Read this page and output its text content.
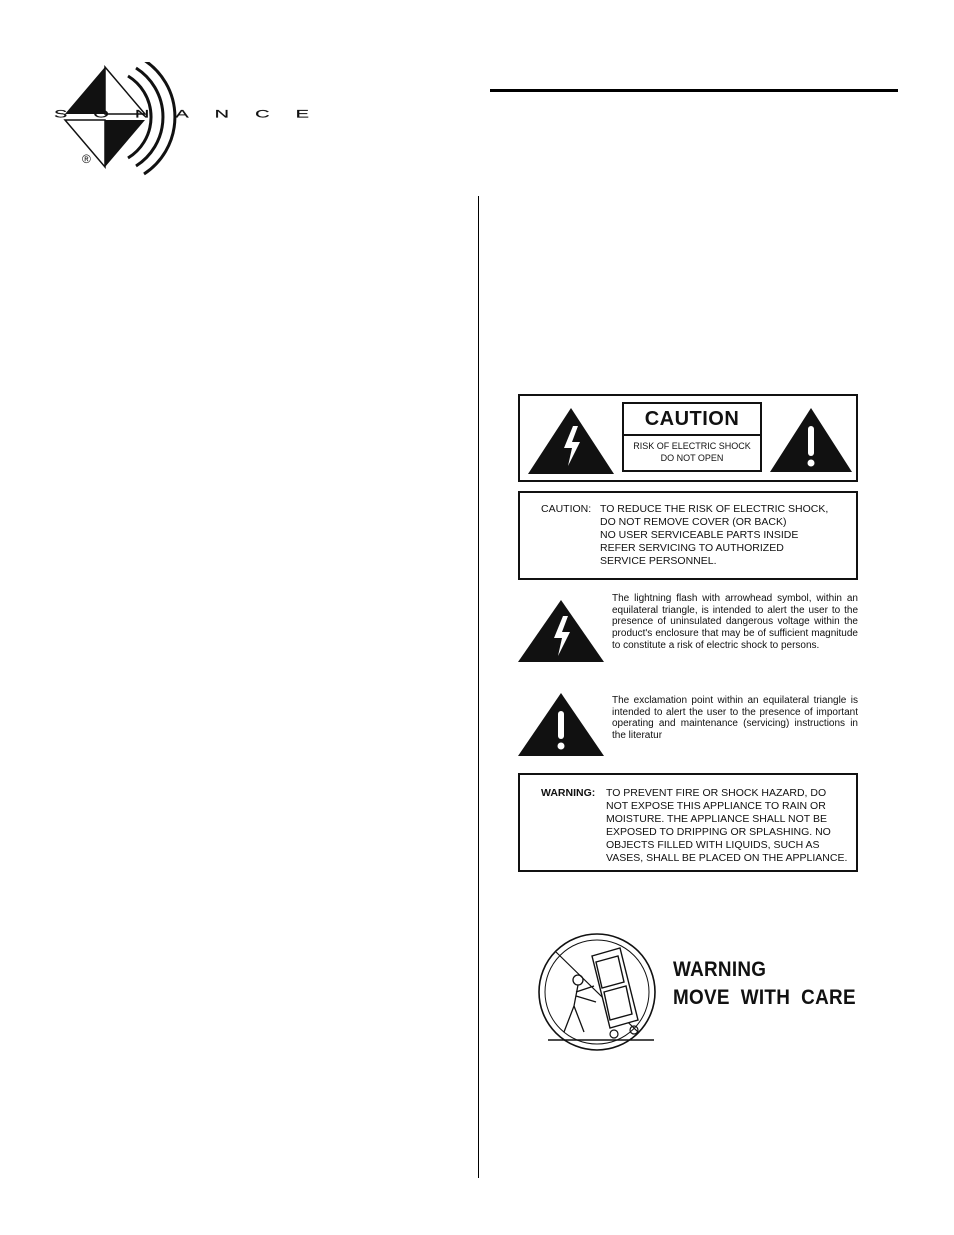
SONANCE
®
CAUTION
RISK OF ELECTRIC SHOCK
DO NOT OPEN
CAUTION: TO REDUCE THE RISK OF ELECTRIC SHOCK,
DO NOT REMOVE COVER (OR BACK)
NO USER SERVICEABLE PARTS INSIDE
REFER SERVICING TO AUTHORIZED
SERVICE PERSONNEL.
The lightning flash with arrowhead symbol, within an equilateral triangle, is intended to alert the user to the presence of uninsulated dangerous voltage within the product's enclosure that may be of sufficient magnitude to constitute a risk of electric shock to persons.
The exclamation point within an equilateral triangle is intended to alert the user to the presence of important operating and maintenance (servicing) instructions in the literatur
WARNING: TO PREVENT FIRE OR SHOCK HAZARD, DO
NOT EXPOSE THIS APPLIANCE TO RAIN OR
MOISTURE. THE APPLIANCE SHALL NOT BE
EXPOSED TO DRIPPING OR SPLASHING. NO
OBJECTS FILLED WITH LIQUIDS, SUCH AS
VASES, SHALL BE PLACED ON THE APPLIANCE.
WARNING
MOVE  WITH  CARE
